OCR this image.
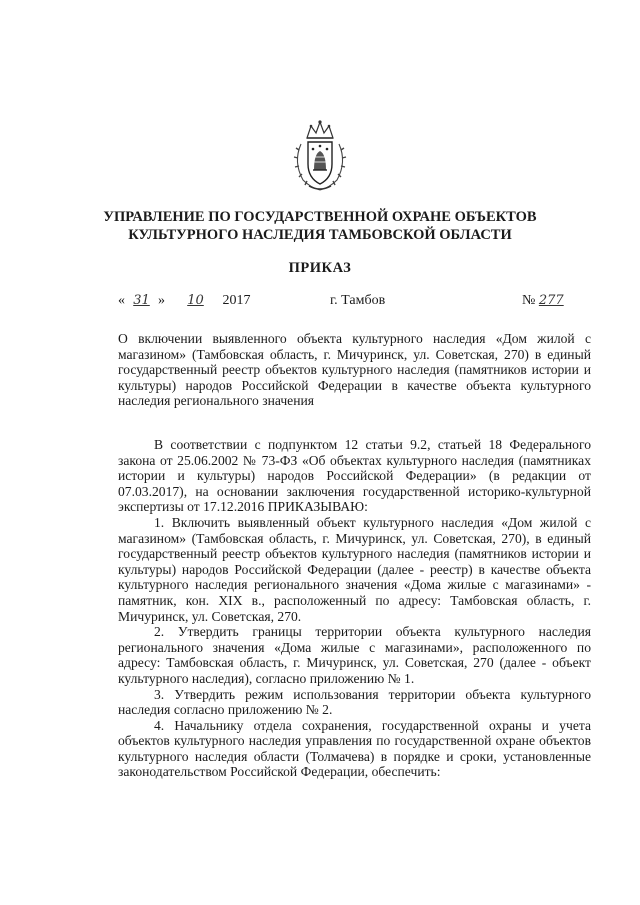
УПРАВЛЕНИЕ ПО ГОСУДАРСТВЕННОЙ ОХРАНЕ ОБЪЕКТОВ
КУЛЬТУРНОГО НАСЛЕДИЯ ТАМБОВСКОЙ ОБЛАСТИ
ПРИКАЗ
« 31 » 10 2017	г. Тамбов	№ 277
О включении выявленного объекта культурного наследия «Дом жилой с магазином» (Тамбовская область, г. Мичуринск, ул. Советская, 270) в единый государственный реестр объектов культурного наследия (памятников истории и культуры) народов Российской Федерации в качестве объекта культурного наследия регионального значения

В соответствии с подпунктом 12 статьи 9.2, статьей 18 Федерального закона от 25.06.2002 № 73-ФЗ «Об объектах культурного наследия (памятниках истории и культуры) народов Российской Федерации» (в редакции от 07.03.2017), на основании заключения государственной историко-культурной экспертизы от 17.12.2016 ПРИКАЗЫВАЮ:

1. Включить выявленный объект культурного наследия «Дом жилой с магазином» (Тамбовская область, г. Мичуринск, ул. Советская, 270), в единый государственный реестр объектов культурного наследия (памятников истории и культуры) народов Российской Федерации (далее - реестр) в качестве объекта культурного наследия регионального значения «Дома жилые с магазинами» - памятник, кон. XIX в., расположенный по адресу: Тамбовская область, г. Мичуринск, ул. Советская, 270.

2. Утвердить границы территории объекта культурного наследия регионального значения «Дома жилые с магазинами», расположенного по адресу: Тамбовская область, г. Мичуринск, ул. Советская, 270 (далее - объект культурного наследия), согласно приложению № 1.

3. Утвердить режим использования территории объекта культурного наследия согласно приложению № 2.

4. Начальнику отдела сохранения, государственной охраны и учета объектов культурного наследия управления по государственной охране объектов культурного наследия области (Толмачева) в порядке и сроки, установленные законодательством Российской Федерации, обеспечить:
